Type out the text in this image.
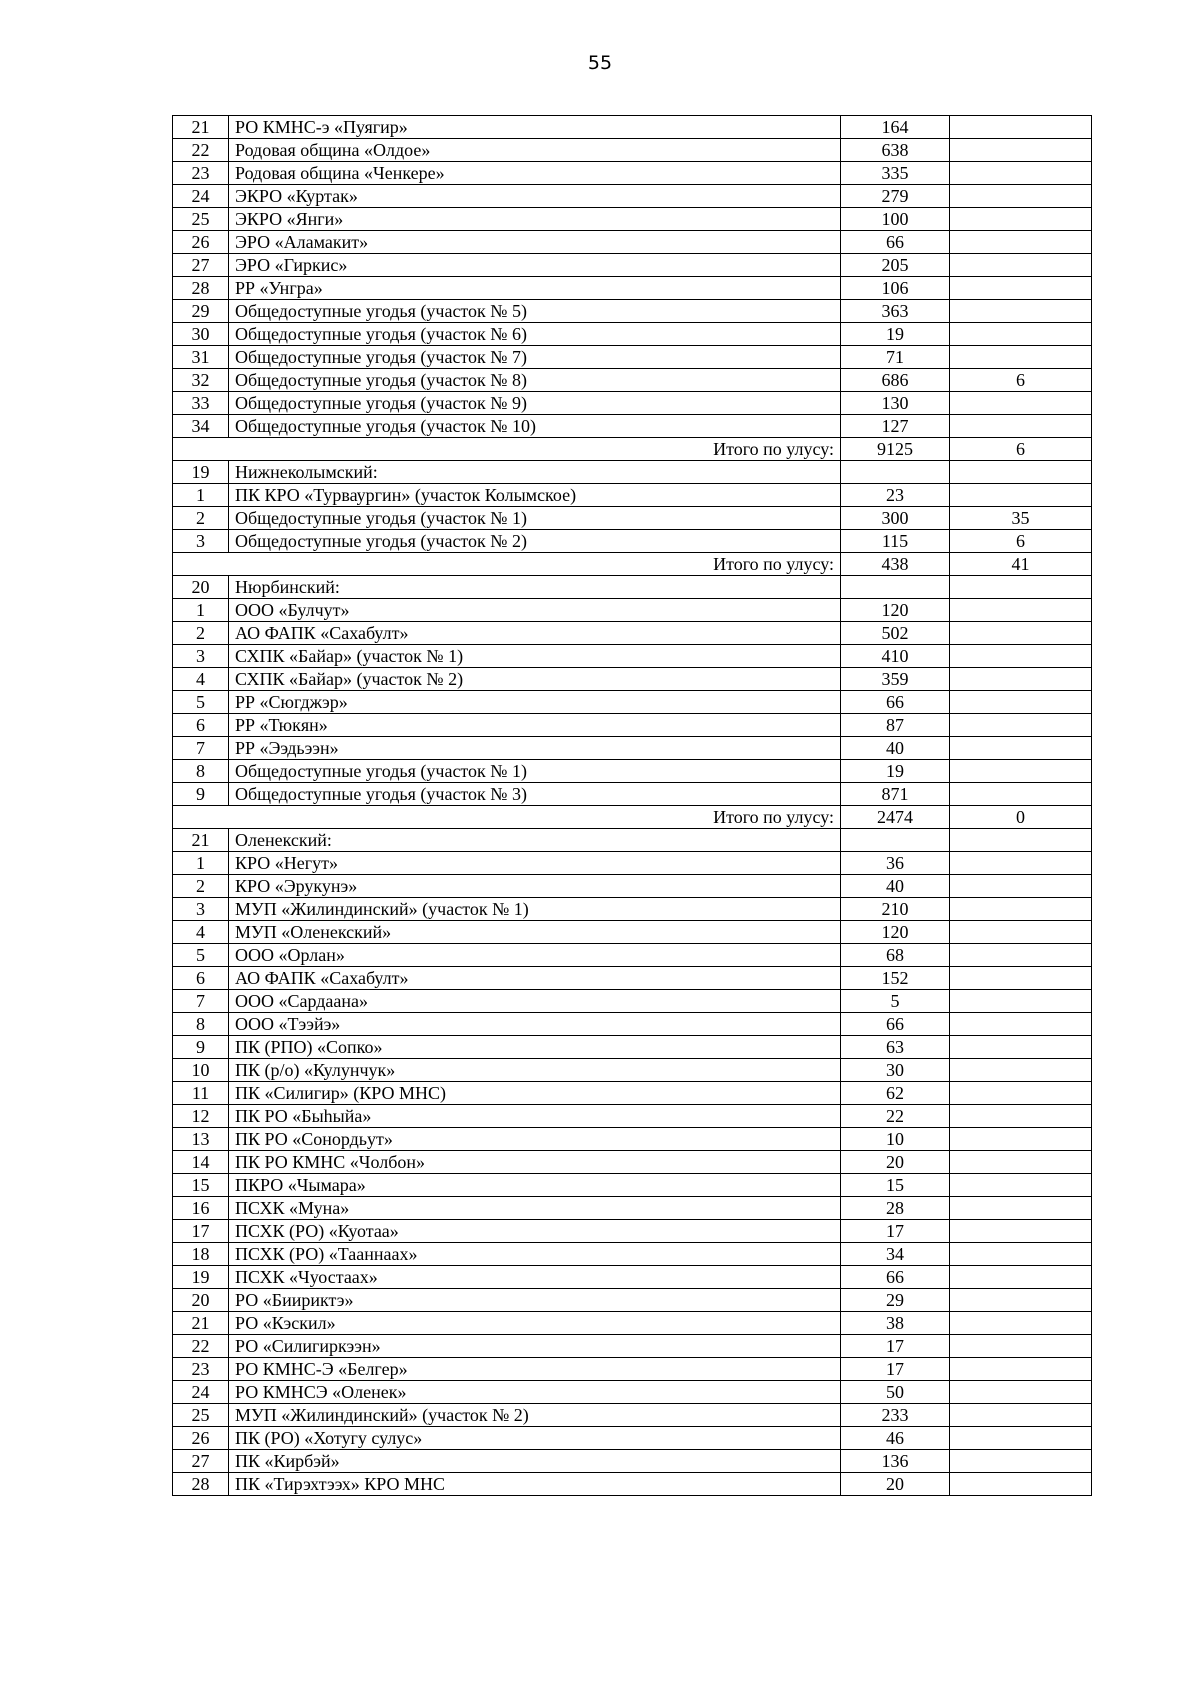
55
21	РО КМНС-э «Пуягир»	164	
22	Родовая община «Олдое»	638	
23	Родовая община «Ченкере»	335	
24	ЭКРО «Куртак»	279	
25	ЭКРО «Янги»	100	
26	ЭРО «Аламакит»	66	
27	ЭРО «Гиркис»	205	
28	РР «Унгра»	106	
29	Общедоступные угодья (участок № 5)	363	
30	Общедоступные угодья (участок № 6)	19	
31	Общедоступные угодья (участок № 7)	71	
32	Общедоступные угодья (участок № 8)	686	6
33	Общедоступные угодья (участок № 9)	130	
34	Общедоступные угодья (участок № 10)	127	
Итого по улусу:		9125	6
19	Нижнеколымский:		
1	ПК КРО «Турваургин» (участок Колымское)	23	
2	Общедоступные угодья (участок № 1)	300	35
3	Общедоступные угодья (участок № 2)	115	6
Итого по улусу:		438	41
20	Нюрбинский:		
1	ООО «Булчут»	120	
2	АО ФАПК «Сахабулт»	502	
3	СХПК «Байар» (участок № 1)	410	
4	СХПК «Байар» (участок № 2)	359	
5	РР «Сюгджэр»	66	
6	РР «Тюкян»	87	
7	РР «Ээдьээн»	40	
8	Общедоступные угодья (участок № 1)	19	
9	Общедоступные угодья (участок № 3)	871	
Итого по улусу:		2474	0
21	Оленекский:		
1	КРО «Негут»	36	
2	КРО «Эрукунэ»	40	
3	МУП «Жилиндинский» (участок № 1)	210	
4	МУП «Оленекский»	120	
5	ООО «Орлан»	68	
6	АО ФАПК «Сахабулт»	152	
7	ООО «Сардаана»	5	
8	ООО «Тээйэ»	66	
9	ПК (РПО) «Сопко»	63	
10	ПК (р/о) «Кулунчук»	30	
11	ПК «Силигир» (КРО МНС)	62	
12	ПК РО «Быһыйа»	22	
13	ПК РО «Сонордьут»	10	
14	ПК РО КМНС «Чолбон»	20	
15	ПКРО «Чымара»	15	
16	ПСХК «Муна»	28	
17	ПСХК (РО) «Куотаа»	17	
18	ПСХК (РО) «Тааннаах»	34	
19	ПСХК «Чуостаах»	66	
20	РО «Биириктэ»	29	
21	РО «Кэскил»	38	
22	РО «Силигиркээн»	17	
23	РО КМНС-Э «Белгер»	17	
24	РО КМНСЭ «Оленек»	50	
25	МУП «Жилиндинский» (участок № 2)	233	
26	ПК (РО) «Хотугу сулус»	46	
27	ПК «Кирбэй»	136	
28	ПК «Тирэхтээх» КРО МНС	20	
